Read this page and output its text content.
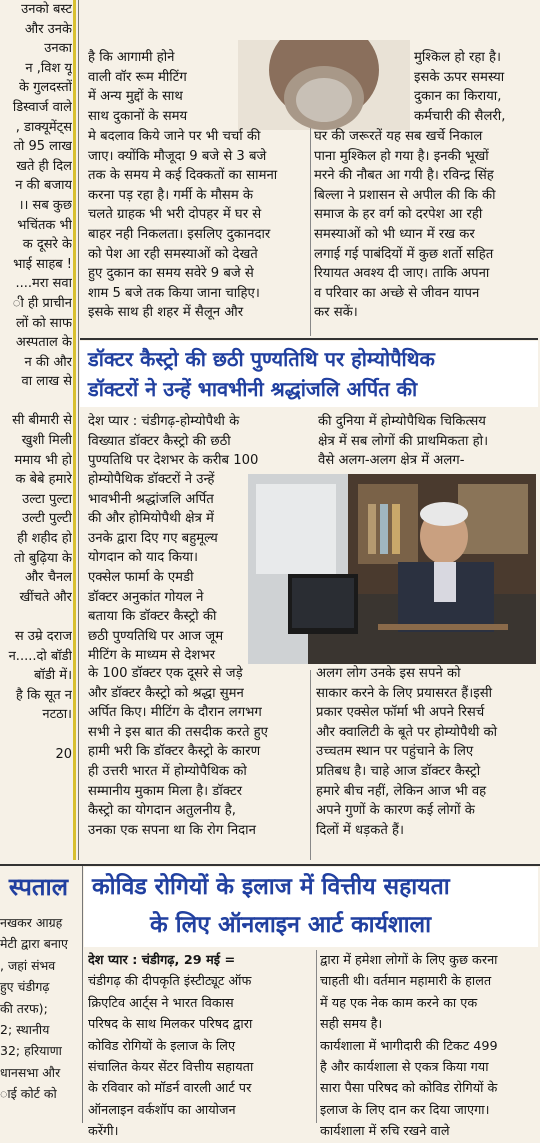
उनको बस्ट
और उनके
उनका
न ,विश यू
के गुलदस्तों
डिस्वार्ज वाले
, डाक्यूमेंट्स
तो 95 लाख
खते ही दिल
न की बजाय
।। सब कुछ
भचिंतक भी
क दूसरे के
भाई साहब !
....मरा सवा
ी ही प्राचीन
लों को साफ
अस्पताल के
न की और
वा लाख से

सी बीमारी से
खुशी मिली
ममाय भी हो
क बेबे हमारे
उल्टा पुल्टा
उल्टी पुल्टी
ही शहीद हो
तो बुढ़िया के
और चैनल
खींचते और

स उम्रे दराज
न.....दो बॉडी
बॉडी में।
है कि सूत न
नटठा।

20
है कि आगामी होने
वाली वॉर रूम मीटिंग
में अन्य मुद्दों के साथ
साथ दुकानों के समय
मुश्किल हो रहा है।
इसके ऊपर समस्या
दुकान का किराया,
कर्मचारी की सैलरी,
मे बदलाव किये जाने पर भी चर्चा की
जाए। क्योंकि मौजूदा 9 बजे से 3 बजे
तक के समय मे कई दिक्कतों का सामना
करना पड़ रहा है। गर्मी के मौसम के
चलते ग्राहक भी भरी दोपहर में घर से
बाहर नही निकलता। इसलिए दुकानदार
को पेश आ रही समस्याओं को देखते
हुए दुकान का समय सवेरे 9 बजे से
शाम 5 बजे तक किया जाना चाहिए।
इसके साथ ही शहर में सैलून और
घर की जरूरतें यह सब खर्चे निकाल
पाना मुश्किल हो गया है। इनकी भूखों
मरने की नौबत आ गयी है। रविन्द्र सिंह
बिल्ला ने प्रशासन से अपील की कि की
समाज के हर वर्ग को दरपेश आ रही
समस्याओं को भी ध्यान में रख कर
लगाई गई पाबंदियों में कुछ शर्तो सहित
रियायत अवश्य दी जाए। ताकि अपना
व परिवार का अच्छे से जीवन यापन
कर सकें।
डॉक्टर कैस्ट्रो की छठी पुण्यतिथि पर होम्योपैथिक
डॉक्टरों ने उन्हें भावभीनी श्रद्धांजलि अर्पित की
देश प्यार : चंडीगढ़-होम्योपैथी के
विख्यात डॉक्टर कैस्ट्रो की छठी
पुण्यतिथि पर देशभर के करीब 100
की दुनिया में होम्योपैथिक चिकित्सय
क्षेत्र में सब लोगों की प्राथमिकता हो।
वैसे अलग-अलग क्षेत्र में अलग-
होम्योपैथिक डॉक्टरों ने उन्हें
भावभीनी श्रद्धांजलि अर्पित
की और होमियोपैथी क्षेत्र में
उनके द्वारा दिए गए बहुमूल्य
योगदान को याद किया।
एक्सेल फार्मा के एमडी
डॉक्टर अनुकांत गोयल ने
बताया कि डॉक्टर कैस्ट्रो की
छठी पुण्यतिथि पर आज जूम
मीटिंग के माध्यम से देशभर
के 100 डॉक्टर एक दूसरे से जड़े
और डॉक्टर कैस्ट्रो को श्रद्धा सुमन
अर्पित किए। मीटिंग के दौरान लगभग
सभी ने इस बात की तसदीक करते हुए
हामी भरी कि डॉक्टर कैस्ट्रो के कारण
ही उत्तरी भारत में होम्योपैथिक को
सम्मानीय मुकाम मिला है। डॉक्टर
कैस्ट्रो का योगदान अतुलनीय है,
उनका एक सपना था कि रोग निदान
अलग लोग उनके इस सपने को
साकार करने के लिए प्रयासरत हैं।इसी
प्रकार एक्सेल फॉर्मा भी अपने रिसर्च
और क्वालिटी के बूते पर होम्योपैथी को
उच्चतम स्थान पर पहुंचाने के लिए
प्रतिबध है। चाहे आज डॉक्टर कैस्ट्रो
हमारे बीच नहीं, लेकिन आज भी वह
अपने गुणों के कारण कई लोगों के
दिलों में धड़कते हैं।
स्पताल
नखकर आग्रह
मेटी द्वारा बनाए
, जहां संभव
हुए चंडीगढ़
की तरफ);
2; स्थानीय
32; हरियाणा
धानसभा और
ाई कोर्ट को
कोविड रोगियों के इलाज में वित्तीय सहायता
के लिए ऑनलाइन आर्ट कार्यशाला
देश प्यार : चंडीगढ़, 29 मई =
चंडीगढ़ की दीपकृति इंस्टीट्यूट ऑफ
क्रिएटिव आर्ट्स ने भारत विकास
परिषद के साथ मिलकर परिषद द्वारा
कोविड रोगियों के इलाज के लिए
संचालित केयर सेंटर वित्तीय सहायता
के रविवार को मॉडर्न वारली आर्ट पर
ऑनलाइन वर्कशॉप का आयोजन
करेंगी।
द्वारा में हमेशा लोगों के लिए कुछ करना
चाहती थी। वर्तमान महामारी के हालत
में यह एक नेक काम करने का एक
सही समय है।
कार्यशाला में भागीदारी की टिकट 499
है और कार्यशाला से एकत्र किया गया
सारा पैसा परिषद को कोविड रोगियों के
इलाज के लिए दान कर दिया जाएगा।
कार्यशाला में रुचि रखने वाले
